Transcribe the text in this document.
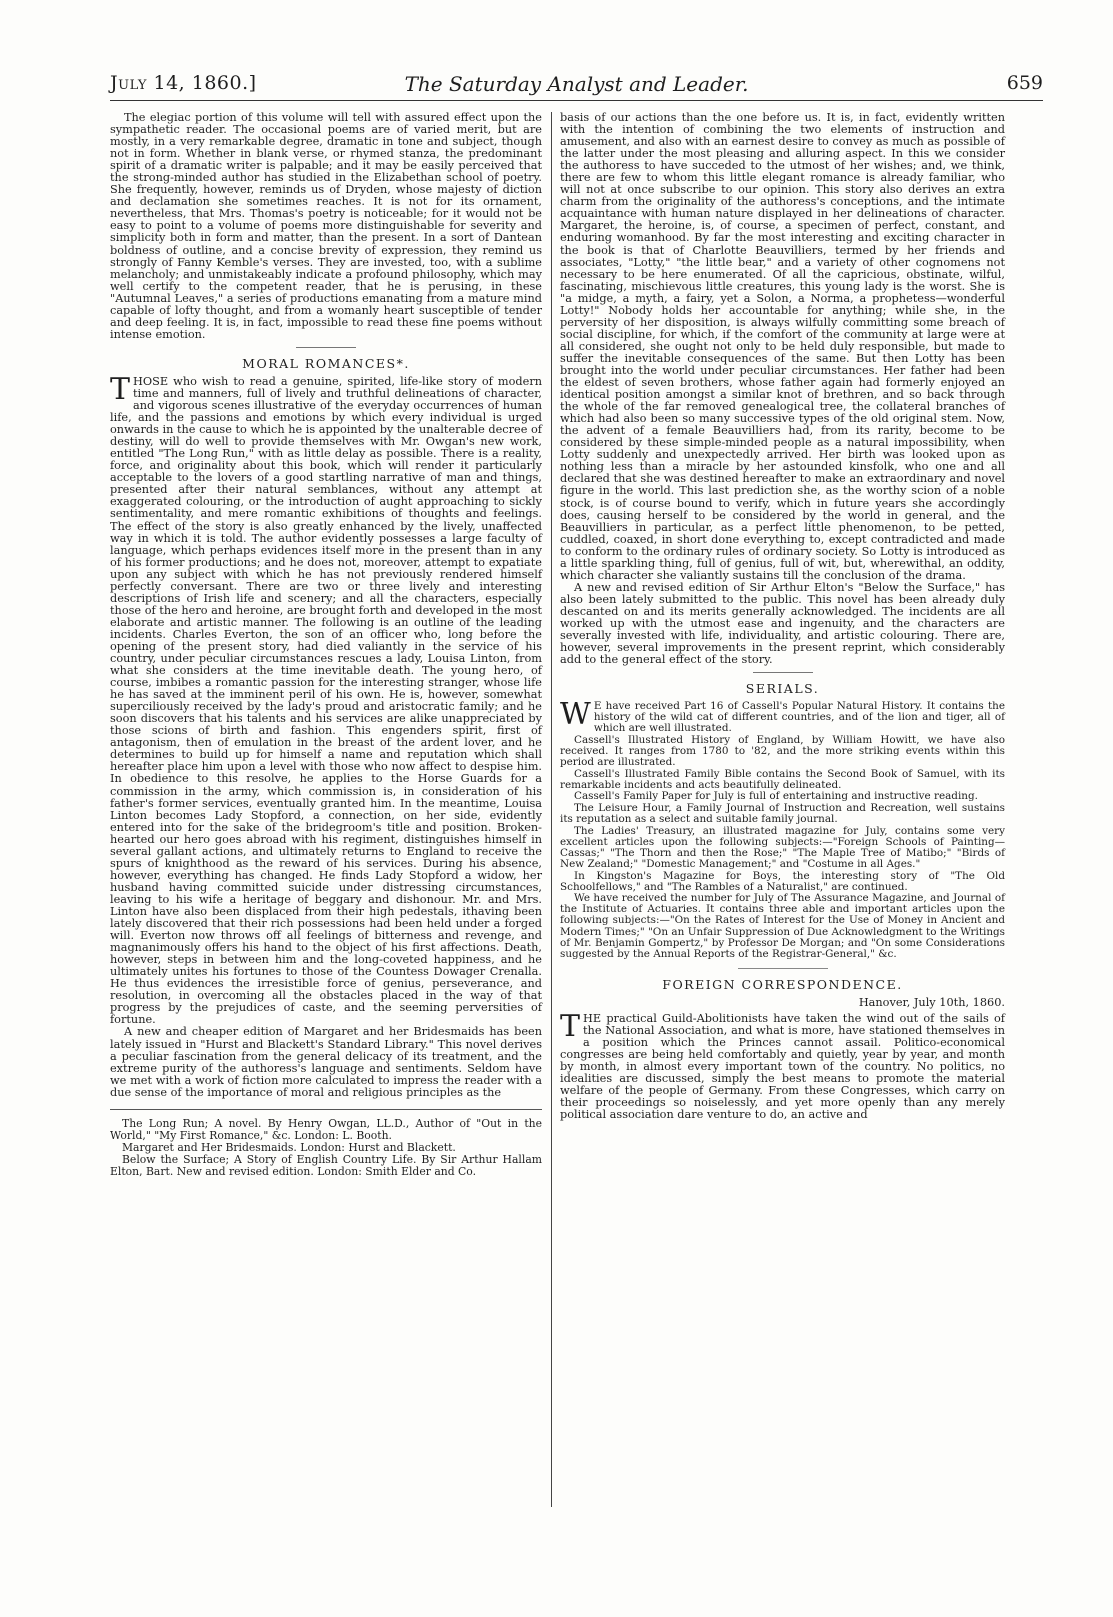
July 14, 1860.]	The Saturday Analyst and Leader.	659

The elegiac portion of this volume will tell with assured effect upon the sympathetic reader. The occasional poems are of varied merit, but are mostly, in a very remarkable degree, dramatic in tone and subject, though not in form. Whether in blank verse, or rhymed stanza, the predominant spirit of a dramatic writer is palpable; and it may be easily perceived that the strong-minded author has studied in the Elizabethan school of poetry. She frequently, however, reminds us of Dryden, whose majesty of diction and declamation she sometimes reaches. It is not for its ornament, nevertheless, that Mrs. Thomas's poetry is noticeable; for it would not be easy to point to a volume of poems more distinguishable for severity and simplicity both in form and matter, than the present. In a sort of Dantean boldness of outline, and a concise brevity of expression, they remind us strongly of Fanny Kemble's verses. They are invested, too, with a sublime melancholy; and unmistakeably indicate a profound philosophy, which may well certify to the competent reader, that he is perusing, in these "Autumnal Leaves," a series of productions emanating from a mature mind capable of lofty thought, and from a womanly heart susceptible of tender and deep feeling. It is, in fact, impossible to read these fine poems without intense emotion.

MORAL ROMANCES*.

THOSE who wish to read a genuine, spirited, life-like story of modern time and manners, full of lively and truthful delineations of character, and vigorous scenes illustrative of the everyday occurrences of human life, and the passions and emotions by which every individual is urged onwards in the cause to which he is appointed by the unalterable decree of destiny, will do well to provide themselves with Mr. Owgan's new work, entitled "The Long Run," with as little delay as possible. There is a reality, force, and originality about this book, which will render it particularly acceptable to the lovers of a good startling narrative of man and things, presented after their natural semblances, without any attempt at exaggerated colouring, or the introduction of aught approaching to sickly sentimentality, and mere romantic exhibitions of thoughts and feelings. The effect of the story is also greatly enhanced by the lively, unaffected way in which it is told. The author evidently possesses a large faculty of language, which perhaps evidences itself more in the present than in any of his former productions; and he does not, moreover, attempt to expatiate upon any subject with which he has not previously rendered himself perfectly conversant. There are two or three lively and interesting descriptions of Irish life and scenery; and all the characters, especially those of the hero and heroine, are brought forth and developed in the most elaborate and artistic manner. The following is an outline of the leading incidents. Charles Everton, the son of an officer who, long before the opening of the present story, had died valiantly in the service of his country, under peculiar circumstances rescues a lady, Louisa Linton, from what she considers at the time inevitable death. The young hero, of course, imbibes a romantic passion for the interesting stranger, whose life he has saved at the imminent peril of his own. He is, however, somewhat superciliously received by the lady's proud and aristocratic family; and he soon discovers that his talents and his services are alike unappreciated by those scions of birth and fashion. This engenders spirit, first of antagonism, then of emulation in the breast of the ardent lover, and he determines to build up for himself a name and reputation which shall hereafter place him upon a level with those who now affect to despise him. In obedience to this resolve, he applies to the Horse Guards for a commission in the army, which commission is, in consideration of his father's former services, eventually granted him. In the meantime, Louisa Linton becomes Lady Stopford, a connection, on her side, evidently entered into for the sake of the bridegroom's title and position. Broken-hearted our hero goes abroad with his regiment, distinguishes himself in several gallant actions, and ultimately returns to England to receive the spurs of knighthood as the reward of his services. During his absence, however, everything has changed. He finds Lady Stopford a widow, her husband having committed suicide under distressing circumstances, leaving to his wife a heritage of beggary and dishonour. Mr. and Mrs. Linton have also been displaced from their high pedestals, ithaving been lately discovered that their rich possessions had been held under a forged will. Everton now throws off all feelings of bitterness and revenge, and magnanimously offers his hand to the object of his first affections. Death, however, steps in between him and the long-coveted happiness, and he ultimately unites his fortunes to those of the Countess Dowager Crenalla. He thus evidences the irresistible force of genius, perseverance, and resolution, in overcoming all the obstacles placed in the way of that progress by the prejudices of caste, and the seeming perversities of fortune.

A new and cheaper edition of Margaret and her Bridesmaids has been lately issued in "Hurst and Blackett's Standard Library." This novel derives a peculiar fascination from the general delicacy of its treatment, and the extreme purity of the authoress's language and sentiments. Seldom have we met with a work of fiction more calculated to impress the reader with a due sense of the importance of moral and religious principles as the

The Long Run; A novel. By Henry Owgan, LL.D., Author of "Out in the World," "My First Romance," &c. London: L. Booth.

Margaret and Her Bridesmaids. London: Hurst and Blackett.

Below the Surface; A Story of English Country Life. By Sir Arthur Hallam Elton, Bart. New and revised edition. London: Smith Elder and Co.

basis of our actions than the one before us. It is, in fact, evidently written with the intention of combining the two elements of instruction and amusement, and also with an earnest desire to convey as much as possible of the latter under the most pleasing and alluring aspect. In this we consider the authoress to have succeded to the utmost of her wishes; and, we think, there are few to whom this little elegant romance is already familiar, who will not at once subscribe to our opinion. This story also derives an extra charm from the originality of the authoress's conceptions, and the intimate acquaintance with human nature displayed in her delineations of character. Margaret, the heroine, is, of course, a specimen of perfect, constant, and enduring womanhood. By far the most interesting and exciting character in the book is that of Charlotte Beauvilliers, termed by her friends and associates, "Lotty," "the little bear," and a variety of other cognomens not necessary to be here enumerated. Of all the capricious, obstinate, wilful, fascinating, mischievous little creatures, this young lady is the worst. She is "a midge, a myth, a fairy, yet a Solon, a Norma, a prophetess—wonderful Lotty!" Nobody holds her accountable for anything; while she, in the perversity of her disposition, is always wilfully committing some breach of social discipline, for which, if the comfort of the community at large were at all considered, she ought not only to be held duly responsible, but made to suffer the inevitable consequences of the same. But then Lotty has been brought into the world under peculiar circumstances. Her father had been the eldest of seven brothers, whose father again had formerly enjoyed an identical position amongst a similar knot of brethren, and so back through the whole of the far removed genealogical tree, the collateral branches of which had also been so many successive types of the old original stem. Now, the advent of a female Beauvilliers had, from its rarity, become to be considered by these simple-minded people as a natural impossibility, when Lotty suddenly and unexpectedly arrived. Her birth was looked upon as nothing less than a miracle by her astounded kinsfolk, who one and all declared that she was destined hereafter to make an extraordinary and novel figure in the world. This last prediction she, as the worthy scion of a noble stock, is of course bound to verify, which in future years she accordingly does, causing herself to be considered by the world in general, and the Beauvilliers in particular, as a perfect little phenomenon, to be petted, cuddled, coaxed, in short done everything to, except contradicted and made to conform to the ordinary rules of ordinary society. So Lotty is introduced as a little sparkling thing, full of genius, full of wit, but, wherewithal, an oddity, which character she valiantly sustains till the conclusion of the drama.

A new and revised edition of Sir Arthur Elton's "Below the Surface," has also been lately submitted to the public. This novel has been already duly descanted on and its merits generally acknowledged. The incidents are all worked up with the utmost ease and ingenuity, and the characters are severally invested with life, individuality, and artistic colouring. There are, however, several improvements in the present reprint, which considerably add to the general effect of the story.

SERIALS.

W E have received Part 16 of Cassell's Popular Natural History. It contains the history of the wild cat of different countries, and of the lion and tiger, all of which are well illustrated.

Cassell's Illustrated History of England, by William Howitt, we have also received. It ranges from 1780 to '82, and the more striking events within this period are illustrated.

Cassell's Illustrated Family Bible contains the Second Book of Samuel, with its remarkable incidents and acts beautifully delineated.

Cassell's Family Paper for July is full of entertaining and instructive reading.

The Leisure Hour, a Family Journal of Instruction and Recreation, well sustains its reputation as a select and suitable family journal.

The Ladies' Treasury, an illustrated magazine for July, contains some very excellent articles upon the following subjects:—"Foreign Schools of Painting—Cassas;" "The Thorn and then the Rose;" "The Maple Tree of Matibo;" "Birds of New Zealand;" "Domestic Management;" and "Costume in all Ages."

In Kingston's Magazine for Boys, the interesting story of "The Old Schoolfellows," and "The Rambles of a Naturalist," are continued.

We have received the number for July of The Assurance Magazine, and Journal of the Institute of Actuaries. It contains three able and important articles upon the following subjects:—"On the Rates of Interest for the Use of Money in Ancient and Modern Times;" "On an Unfair Suppression of Due Acknowledgment to the Writings of Mr. Benjamin Gompertz," by Professor De Morgan; and "On some Considerations suggested by the Annual Reports of the Registrar-General," &c.

FOREIGN CORRESPONDENCE.
Hanover, July 10th, 1860.

THE practical Guild-Abolitionists have taken the wind out of the sails of the National Association, and what is more, have stationed themselves in a position which the Princes cannot assail. Politico-economical congresses are being held comfortably and quietly, year by year, and month by month, in almost every important town of the country. No politics, no idealities are discussed, simply the best means to promote the material welfare of the people of Germany. From these Congresses, which carry on their proceedings so noiselessly, and yet more openly than any merely political association dare venture to do, an active and
